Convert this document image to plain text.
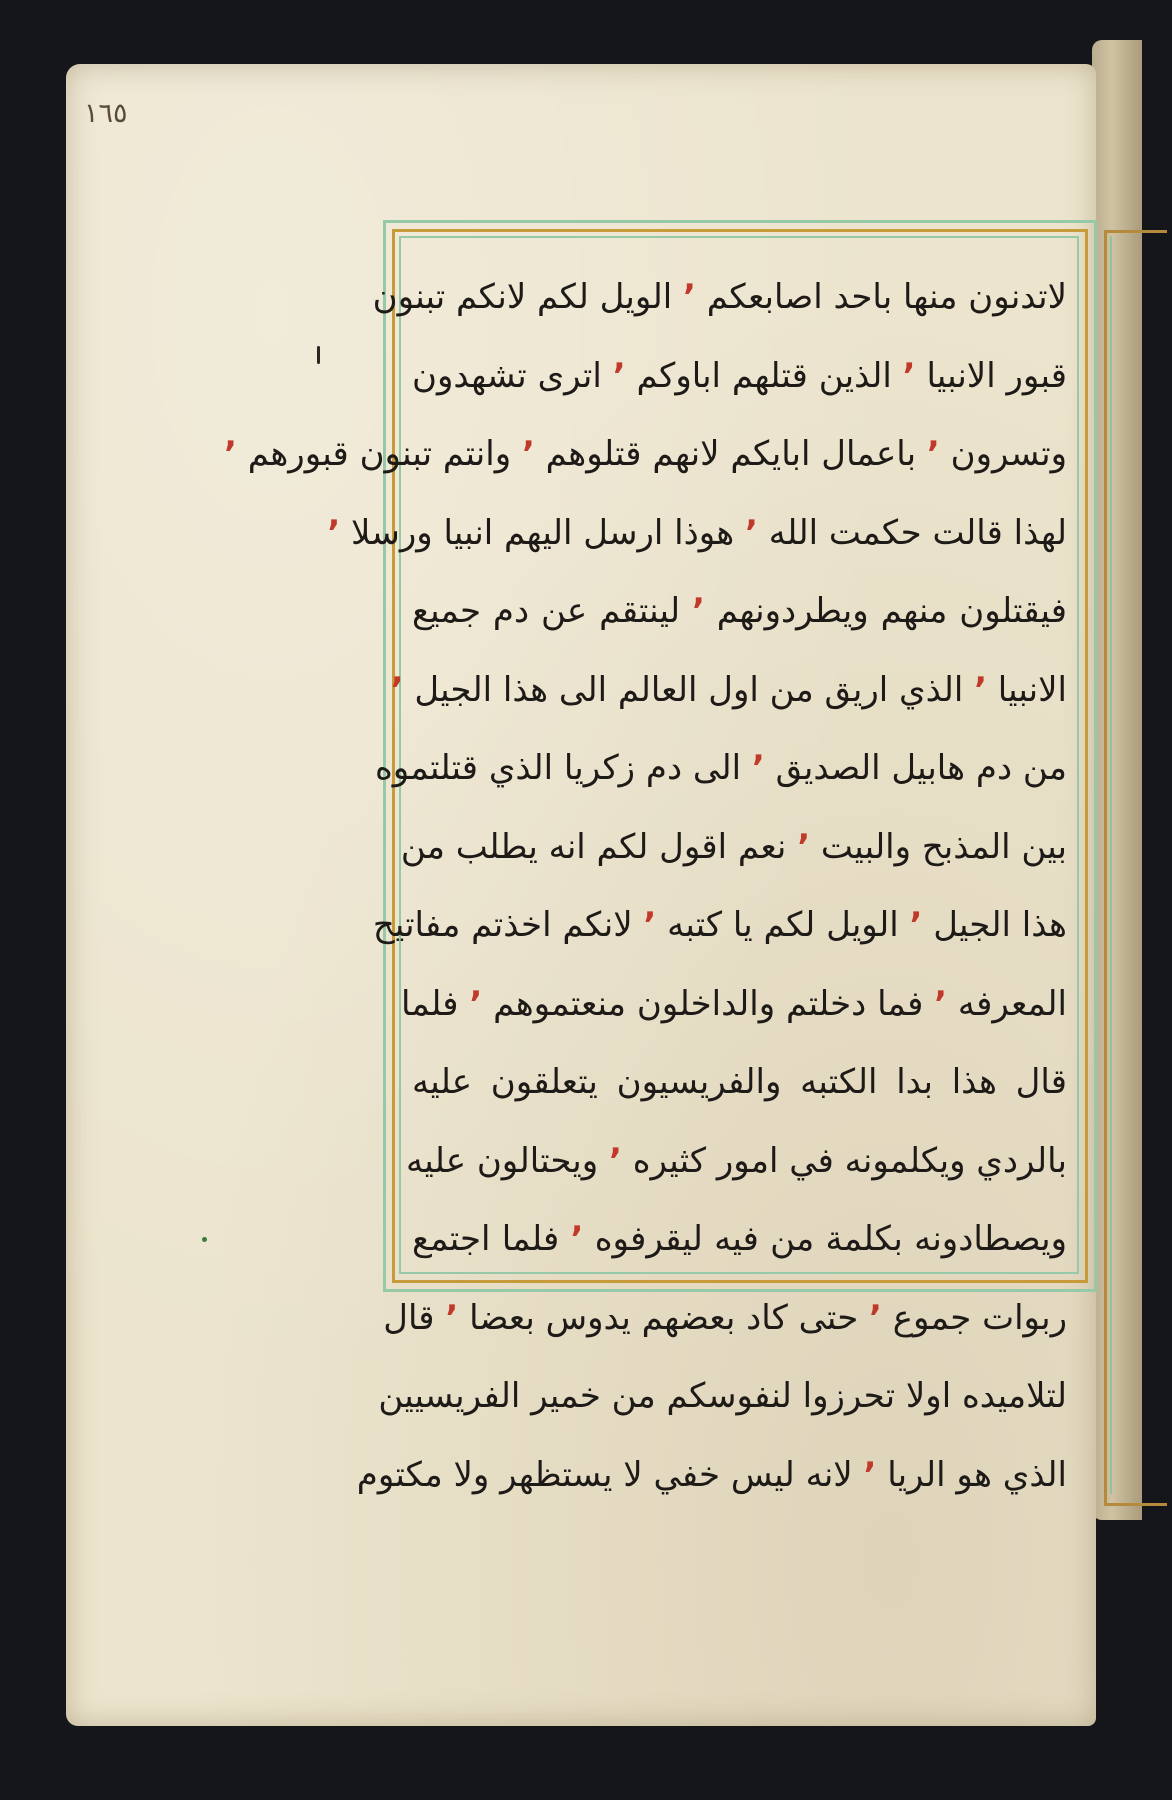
١٦٥
لاتدنون منها باحد اصابعكم ٬ الويل لكم لانكم تبنون
قبور الانبيا ٬ الذين قتلهم اباوكم ٬ اترى تشهدون
وتسرون ٬ باعمال ابايكم لانهم قتلوهم ٬ وانتم تبنون قبورهم ٬
لهذا قالت حكمت الله ٬ هوذا ارسل اليهم انبيا ورسلا ٬
فيقتلون منهم ويطردونهم ٬ لينتقم عن دم جميع
الانبيا ٬ الذي اريق من اول العالم الى هذا الجيل ٬
من دم هابيل الصديق ٬ الى دم زكريا الذي قتلتموه
بين المذبح والبيت ٬ نعم اقول لكم انه يطلب من
هذا الجيل ٬ الويل لكم يا كتبه ٬ لانكم اخذتم مفاتيح
المعرفه ٬ فما دخلتم والداخلون منعتموهم ٬ فلما
قال هذا بدا الكتبه والفريسيون يتعلقون عليه
بالردي ويكلمونه في امور كثيره ٬ ويحتالون عليه
ويصطادونه بكلمة من فيه ليقرفوه ٬ فلما اجتمع
ربوات جموع ٬ حتى كاد بعضهم يدوس بعضا ٬ قال
لتلاميده اولا تحرزوا لنفوسكم من خمير الفريسيين
الذي هو الريا ٬ لانه ليس خفي لا يستظهر ولا مكتوم
